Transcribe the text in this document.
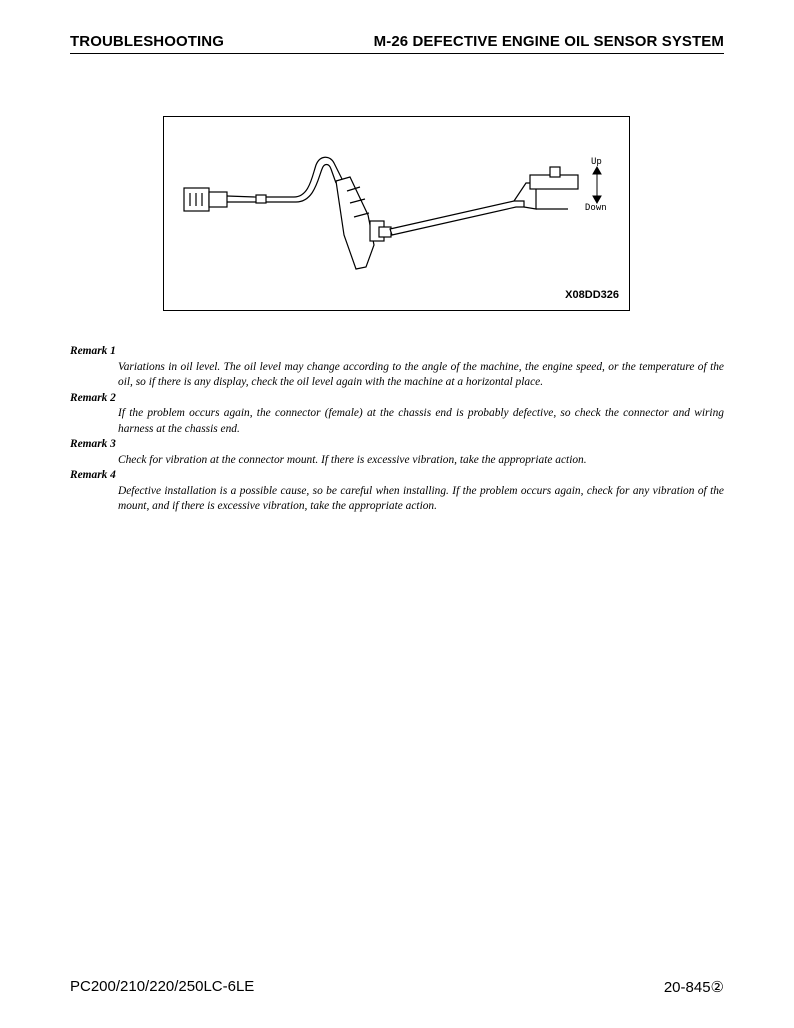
TROUBLESHOOTING	M-26 DEFECTIVE ENGINE OIL SENSOR SYSTEM
Up
Down
X08DD326

Remark 1

Variations in oil level. The oil level may change according to the angle of the machine, the engine speed, or the temperature of the oil, so if there is any display, check the oil level again with the machine at a horizontal place.

Remark 2

If the problem occurs again, the connector (female) at the chassis end is probably defective, so check the connector and wiring harness at the chassis end.

Remark 3

Check for vibration at the connector mount. If there is excessive vibration, take the appropriate action.

Remark 4

Defective installation is a possible cause, so be careful when installing. If the problem occurs again, check for any vibration of the mount, and if there is excessive vibration, take the appropriate action.

PC200/210/220/250LC-6LE	20-845②
